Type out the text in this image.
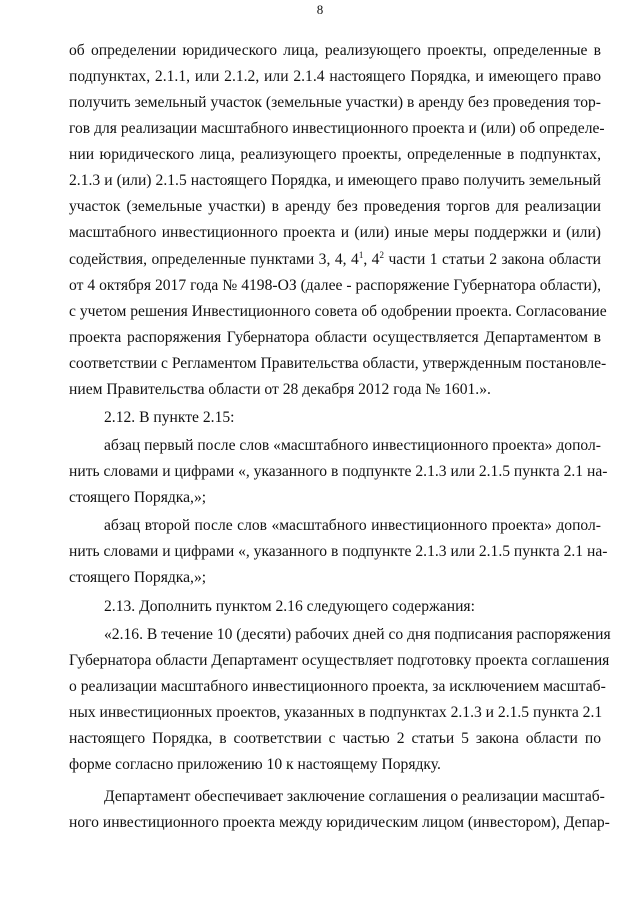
8
об определении юридического лица, реализующего проекты, определенные в
подпунктах, 2.1.1, или 2.1.2, или 2.1.4 настоящего Порядка, и имеющего право
получить земельный участок (земельные участки) в аренду без проведения тор-
гов для реализации масштабного инвестиционного проекта и (или) об определе-
нии юридического лица, реализующего проекты, определенные в подпунктах,
2.1.3 и (или) 2.1.5 настоящего Порядка, и имеющего право получить земельный
участок (земельные участки) в аренду без проведения торгов для реализации
масштабного инвестиционного проекта и (или) иные меры поддержки и (или)
содействия, определенные пунктами 3, 4, $4^1$, $4^2$ части 1 статьи 2 закона области
от 4 октября 2017 года № 4198-ОЗ (далее - распоряжение Губернатора области),
с учетом решения Инвестиционного совета об одобрении проекта. Согласование
проекта распоряжения Губернатора области осуществляется Департаментом в
соответствии с Регламентом Правительства области, утвержденным постановле-
нием Правительства области от 28 декабря 2012 года № 1601.».
2.12. В пункте 2.15:
абзац первый после слов «масштабного инвестиционного проекта» допол-
нить словами и цифрами «, указанного в подпункте 2.1.3 или 2.1.5 пункта 2.1 на-
стоящего Порядка,»;
абзац второй после слов «масштабного инвестиционного проекта» допол-
нить словами и цифрами «, указанного в подпункте 2.1.3 или 2.1.5 пункта 2.1 на-
стоящего Порядка,»;
2.13. Дополнить пунктом 2.16 следующего содержания:
«2.16. В течение 10 (десяти) рабочих дней со дня подписания распоряжения
Губернатора области Департамент осуществляет подготовку проекта соглашения
о реализации масштабного инвестиционного проекта, за исключением масштаб-
ных инвестиционных проектов, указанных в подпунктах 2.1.3 и 2.1.5 пункта 2.1
настоящего Порядка, в соответствии с частью 2 статьи 5 закона области по
форме согласно приложению 10 к настоящему Порядку.
Департамент обеспечивает заключение соглашения о реализации масштаб-
ного инвестиционного проекта между юридическим лицом (инвестором), Депар-
